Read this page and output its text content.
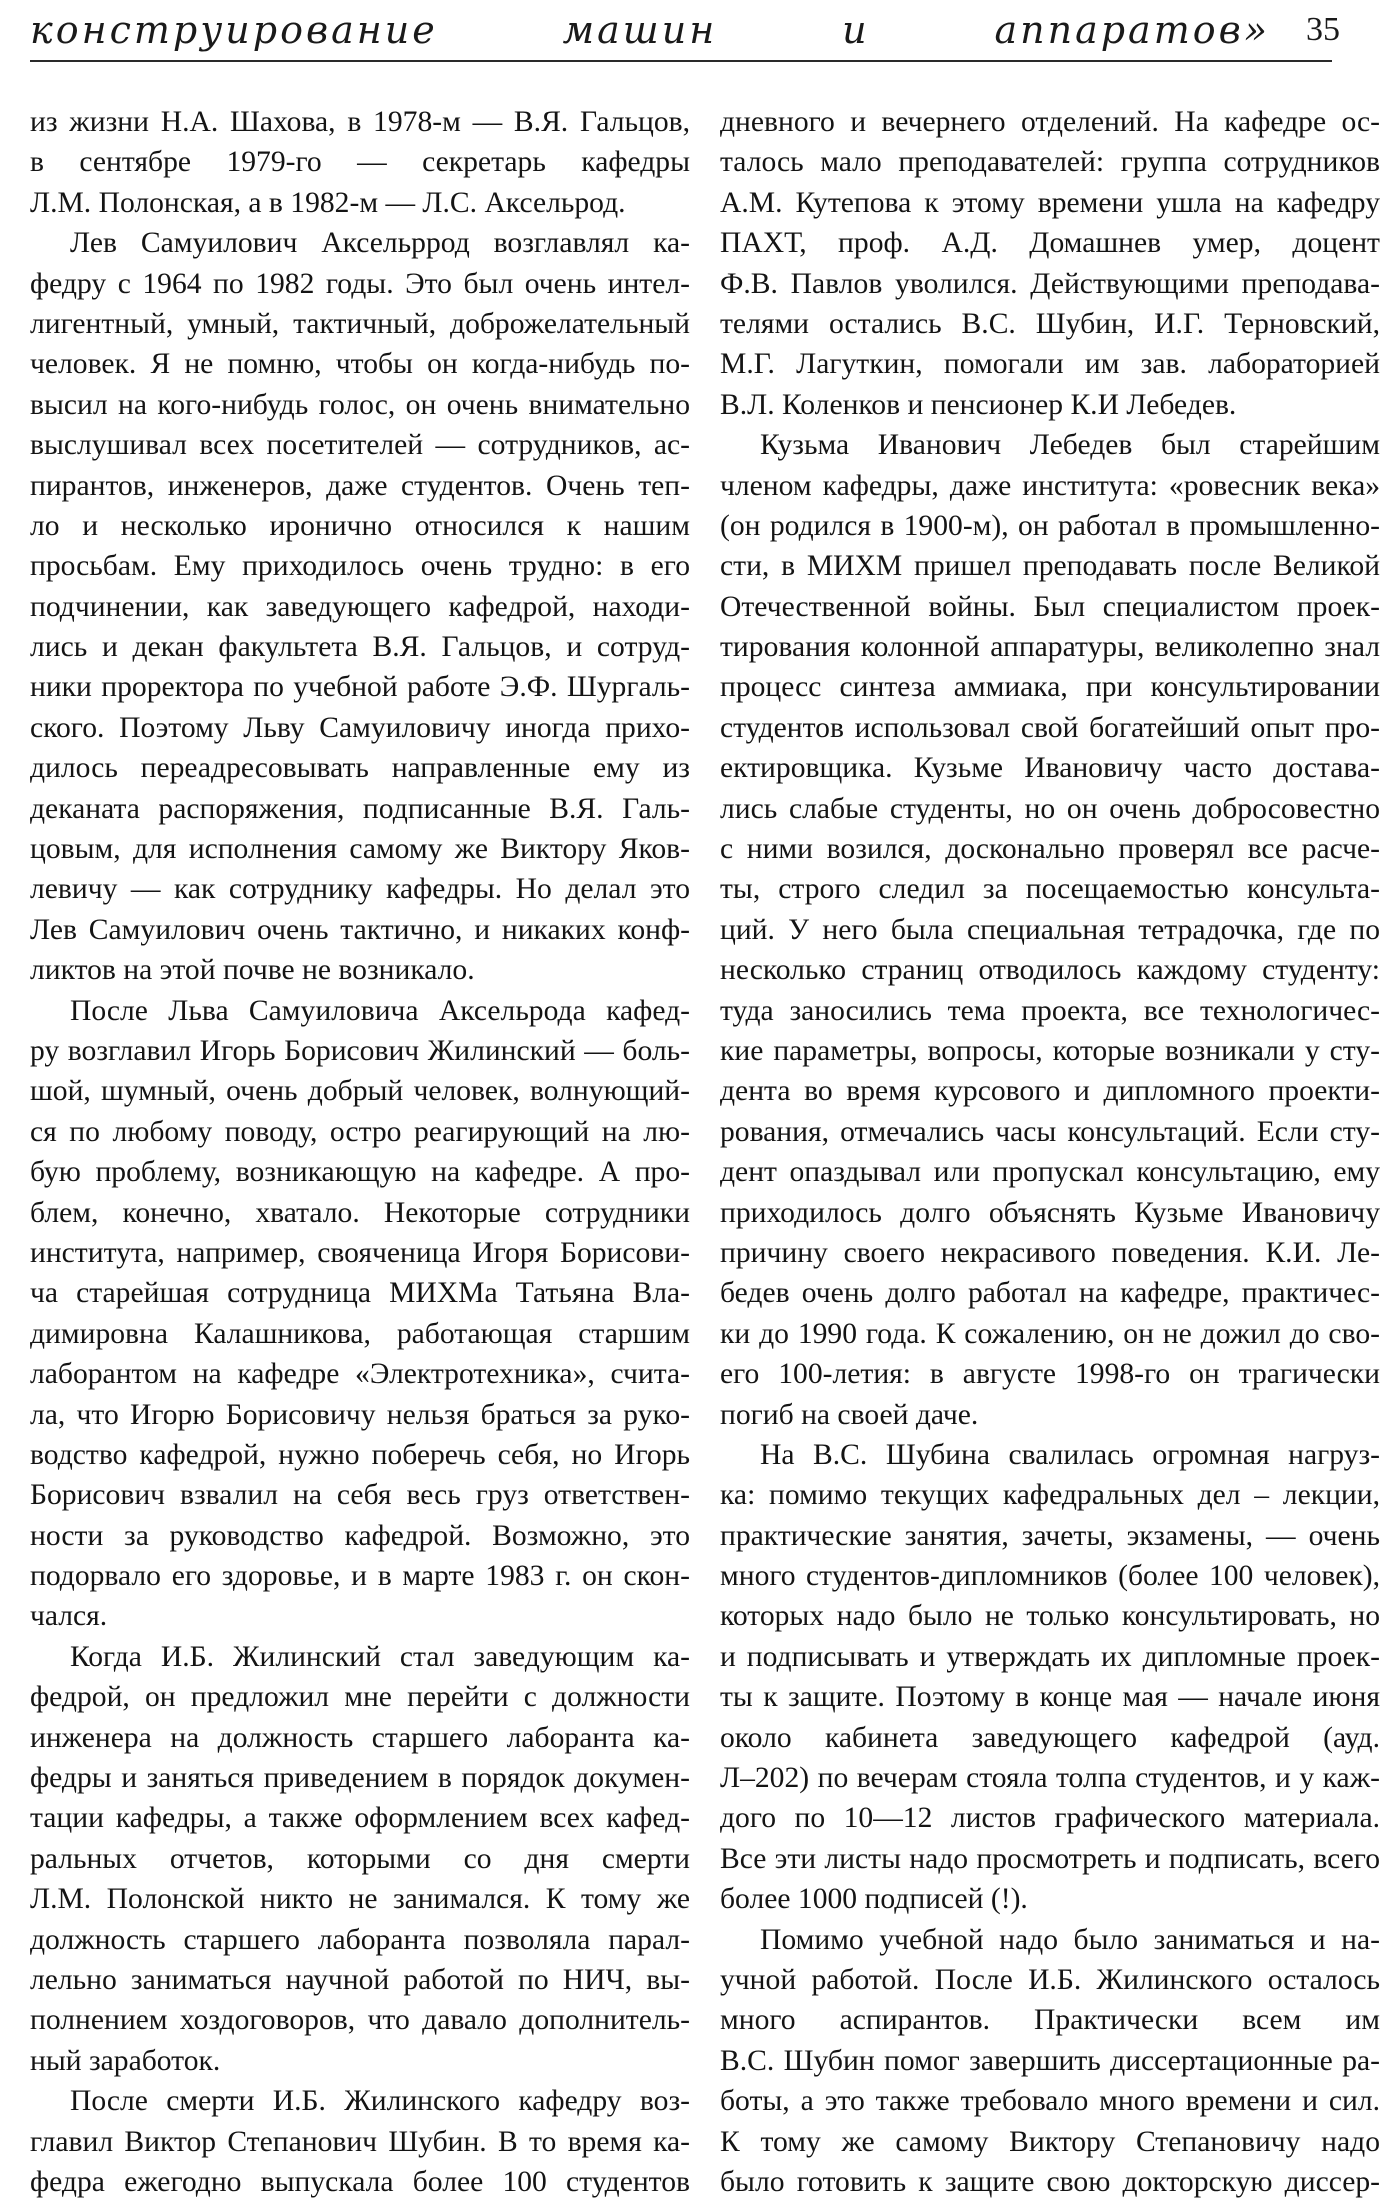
конструирование	машин	и	аппаратов» 35
из жизни Н.А. Шахова, в 1978-м — В.Я. Гальцов,
в сентябре 1979-го — секретарь кафедры
Л.М. Полонская, а в 1982-м — Л.С. Аксельрод.
Лев Самуилович Аксельррод возглавлял ка-
федру с 1964 по 1982 годы. Это был очень интел-
лигентный, умный, тактичный, доброжелательный
человек. Я не помню, чтобы он когда-нибудь по-
высил на кого-нибудь голос, он очень внимательно
выслушивал всех посетителей — сотрудников, ас-
пирантов, инженеров, даже студентов. Очень теп-
ло и несколько иронично относился к нашим
просьбам. Ему приходилось очень трудно: в его
подчинении, как заведующего кафедрой, находи-
лись и декан факультета В.Я. Гальцов, и сотруд-
ники проректора по учебной работе Э.Ф. Шургаль-
ского. Поэтому Льву Самуиловичу иногда прихо-
дилось переадресовывать направленные ему из
деканата распоряжения, подписанные В.Я. Галь-
цовым, для исполнения самому же Виктору Яков-
левичу — как сотруднику кафедры. Но делал это
Лев Самуилович очень тактично, и никаких конф-
ликтов на этой почве не возникало.
После Льва Самуиловича Аксельрода кафед-
ру возглавил Игорь Борисович Жилинский — боль-
шой, шумный, очень добрый человек, волнующий-
ся по любому поводу, остро реагирующий на лю-
бую проблему, возникающую на кафедре. А про-
блем, конечно, хватало. Некоторые сотрудники
института, например, свояченица Игоря Борисови-
ча старейшая сотрудница МИХМа Татьяна Вла-
димировна Калашникова, работающая старшим
лаборантом на кафедре «Электротехника», счита-
ла, что Игорю Борисовичу нельзя браться за руко-
водство кафедрой, нужно поберечь себя, но Игорь
Борисович взвалил на себя весь груз ответствен-
ности за руководство кафедрой. Возможно, это
подорвало его здоровье, и в марте 1983 г. он скон-
чался.
Когда И.Б. Жилинский стал заведующим ка-
федрой, он предложил мне перейти с должности
инженера на должность старшего лаборанта ка-
федры и заняться приведением в порядок докумен-
тации кафедры, а также оформлением всех кафед-
ральных отчетов, которыми со дня смерти
Л.М. Полонской никто не занимался. К тому же
должность старшего лаборанта позволяла парал-
лельно заниматься научной работой по НИЧ, вы-
полнением хоздоговоров, что давало дополнитель-
ный заработок.
После смерти И.Б. Жилинского кафедру воз-
главил Виктор Степанович Шубин. В то время ка-
федра ежегодно выпускала более 100 студентов
дневного и вечернего отделений. На кафедре ос-
талось мало преподавателей: группа сотрудников
А.М. Кутепова к этому времени ушла на кафедру
ПАХТ, проф. А.Д. Домашнев умер, доцент
Ф.В. Павлов уволился. Действующими преподава-
телями остались В.С. Шубин, И.Г. Терновский,
М.Г. Лагуткин, помогали им зав. лабораторией
В.Л. Коленков и пенсионер К.И Лебедев.
Кузьма Иванович Лебедев был старейшим
членом кафедры, даже института: «ровесник века»
(он родился в 1900-м), он работал в промышленно-
сти, в МИХМ пришел преподавать после Великой
Отечественной войны. Был специалистом проек-
тирования колонной аппаратуры, великолепно знал
процесс синтеза аммиака, при консультировании
студентов использовал свой богатейший опыт про-
ектировщика. Кузьме Ивановичу часто достава-
лись слабые студенты, но он очень добросовестно
с ними возился, досконально проверял все расче-
ты, строго следил за посещаемостью консульта-
ций. У него была специальная тетрадочка, где по
несколько страниц отводилось каждому студенту:
туда заносились тема проекта, все технологичес-
кие параметры, вопросы, которые возникали у сту-
дента во время курсового и дипломного проекти-
рования, отмечались часы консультаций. Если сту-
дент опаздывал или пропускал консультацию, ему
приходилось долго объяснять Кузьме Ивановичу
причину своего некрасивого поведения. К.И. Ле-
бедев очень долго работал на кафедре, практичес-
ки до 1990 года. К сожалению, он не дожил до сво-
его 100-летия: в августе 1998-го он трагически
погиб на своей даче.
На В.С. Шубина свалилась огромная нагруз-
ка: помимо текущих кафедральных дел – лекции,
практические занятия, зачеты, экзамены, — очень
много студентов-дипломников (более 100 человек),
которых надо было не только консультировать, но
и подписывать и утверждать их дипломные проек-
ты к защите. Поэтому в конце мая — начале июня
около кабинета заведующего кафедрой (ауд.
Л–202) по вечерам стояла толпа студентов, и у каж-
дого по 10—12 листов графического материала.
Все эти листы надо просмотреть и подписать, всего
более 1000 подписей (!).
Помимо учебной надо было заниматься и на-
учной работой. После И.Б. Жилинского осталось
много аспирантов. Практически всем им
В.С. Шубин помог завершить диссертационные ра-
боты, а это также требовало много времени и сил.
К тому же самому Виктору Степановичу надо
было готовить к защите свою докторскую диссер-
